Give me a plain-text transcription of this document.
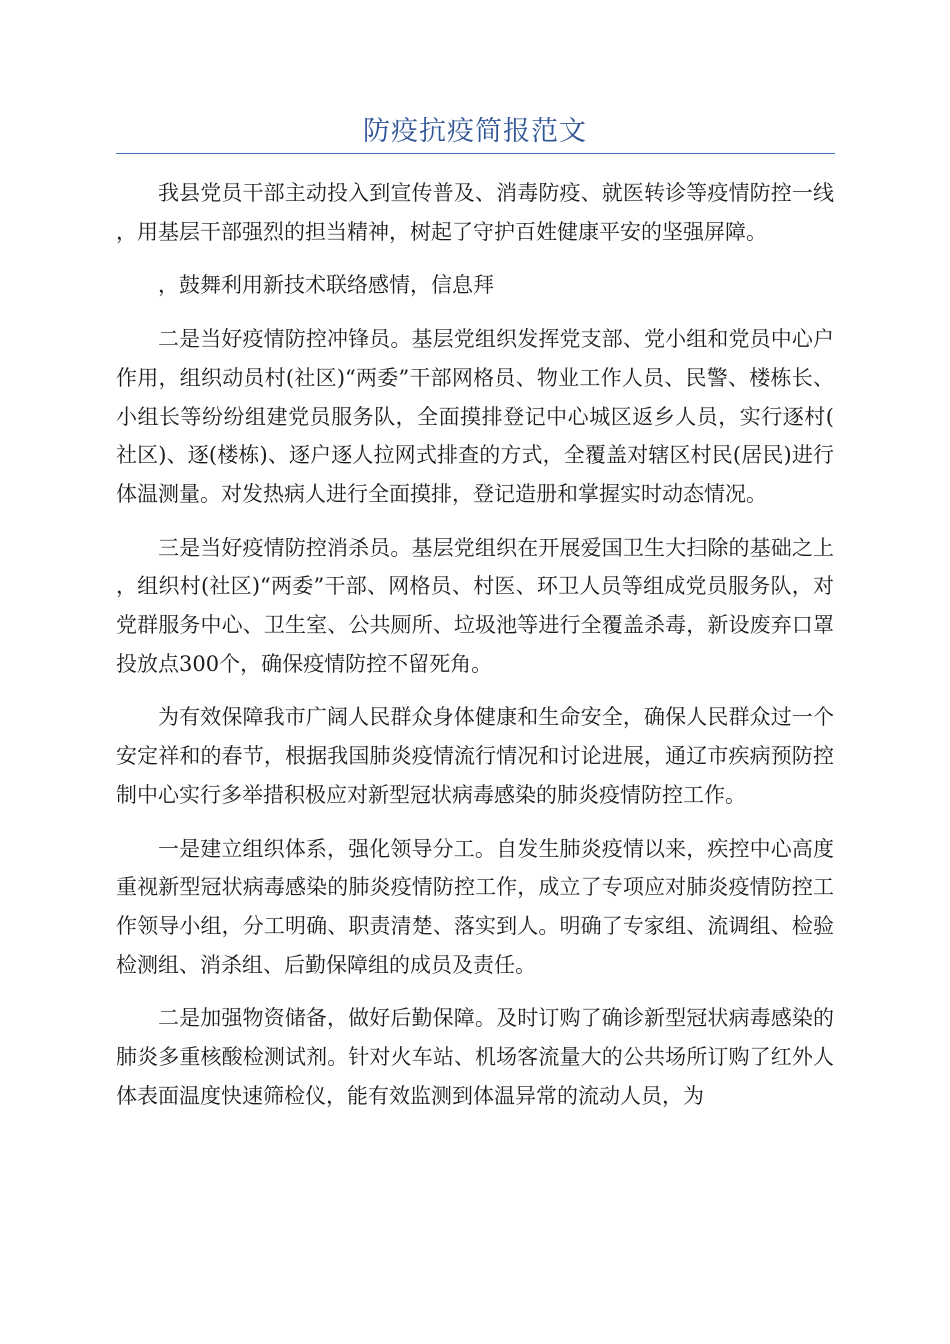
防疫抗疫简报范文

我县党员干部主动投入到宣传普及、消毒防疫、就医转诊等疫情防控一线，用基层干部强烈的担当精神，树起了守护百姓健康平安的坚强屏障。

，鼓舞利用新技术联络感情，信息拜

二是当好疫情防控冲锋员。基层党组织发挥党支部、党小组和党员中心户作用，组织动员村(社区)“两委”干部网格员、物业工作人员、民警、楼栋长、小组长等纷纷组建党员服务队，全面摸排登记中心城区返乡人员，实行逐村(社区)、逐(楼栋)、逐户逐人拉网式排查的方式，全覆盖对辖区村民(居民)进行体温测量。对发热病人进行全面摸排，登记造册和掌握实时动态情况。

三是当好疫情防控消杀员。基层党组织在开展爱国卫生大扫除的基础之上，组织村(社区)“两委”干部、网格员、村医、环卫人员等组成党员服务队，对党群服务中心、卫生室、公共厕所、垃圾池等进行全覆盖杀毒，新设废弃口罩投放点300个，确保疫情防控不留死角。

为有效保障我市广阔人民群众身体健康和生命安全，确保人民群众过一个安定祥和的春节，根据我国肺炎疫情流行情况和讨论进展，通辽市疾病预防控制中心实行多举措积极应对新型冠状病毒感染的肺炎疫情防控工作。

一是建立组织体系，强化领导分工。自发生肺炎疫情以来，疾控中心高度重视新型冠状病毒感染的肺炎疫情防控工作，成立了专项应对肺炎疫情防控工作领导小组，分工明确、职责清楚、落实到人。明确了专家组、流调组、检验检测组、消杀组、后勤保障组的成员及责任。

二是加强物资储备，做好后勤保障。及时订购了确诊新型冠状病毒感染的肺炎多重核酸检测试剂。针对火车站、机场客流量大的公共场所订购了红外人体表面温度快速筛检仪，能有效监测到体温异常的流动人员，为
